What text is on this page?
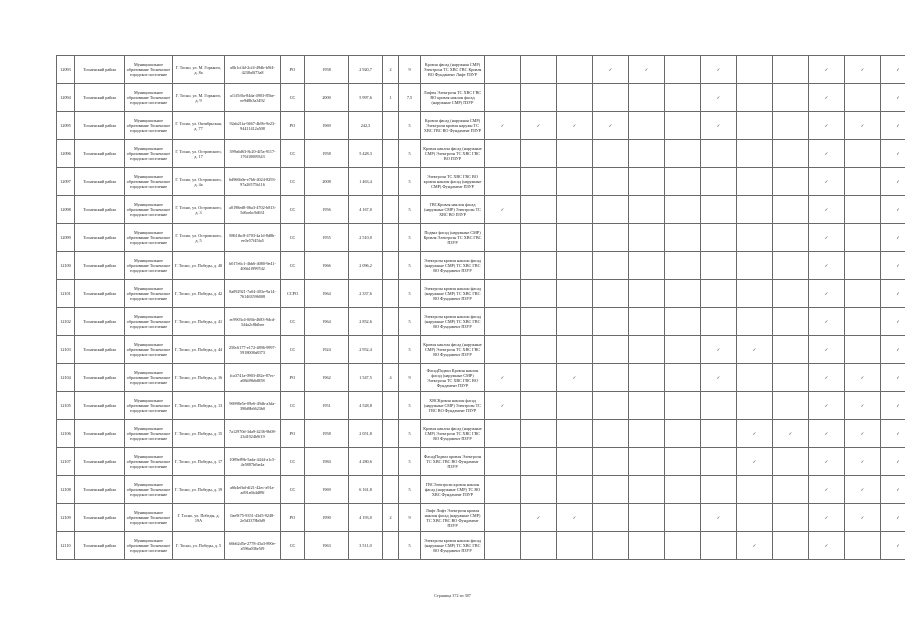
12093	Тосненский район	Муниципальное образование Тосненское городское поселение	Г. Тосно, ул. М. Горького, д. 8а	a0b1cf4d-2cf4-49db-b9f4-4238a0f73a8	РО	1958	2 920,7	2	9	Кровля фасад (наружная СМР) Электрооа ТС ХВС ГВС Кровля ВО Фундамент Лифт ПЗУР				✓	✓		✓			✓	✓	✓
12094	Тосненский район	Муниципальное образование Тосненское городское поселение	Г. Тосно, ул. М. Горького, д. 9	a11f5f0a-84da-4903-85be-ee9d8b3a3492	СС	2000	5 997,6	1	7,5	Лифты Электроэн ТС ХВС ГВС ВО кровля наклон фасад (наружные СМР) ПЗУР							✓			✓		✓
12095	Тосненский район	Муниципальное образование Тосненское городское поселение	Г. Тосно, ул. Октябрьская, д. 77	92ab21fa-9467-4b9b-9e23-94411412a508	РО	1969	242,3		5	Кровля фасад (наружная СМР) Электроэн кровля наружн ТС ХВС ГВС ВО Фундамент ПЗУР	✓	✓	✓	✓			✓			✓	✓	✓
12096	Тосненский район	Муниципальное образование Тосненское городское поселение	Г. Тосно, ул. Островского, д. 17	399a6d63-8c20-4f5a-9117-176f10009343	СС	1958	5 428,3		5	Кровля наклон фасад (наружные СМР) Электроэн ТС ХВС ГВС ВО ПЗУР										✓		✓
12097	Тосненский район	Муниципальное образование Тосненское городское поселение	Г. Тосно, ул. Островского, д. 4а	6d966b0e-e7b6-4024-8293-97a26575b116	СС	2008	1 463,4		5	Электроэн ТС ХВС ГВС ВО кровля наклон фасад (наружные СМР) Фундамент ПЗУР										✓		✓
12098	Тосненский район	Муниципальное образование Тосненское городское поселение	Г. Тосно, ул. Островского, д. 3	a0198ed8-06a3-4702-b813-5d6cebc9d631	СС	1956	4 167,0		5	ГВСКровля наклон фасад (наружные СМР) Электроэн ТС ХВС ВО ПЗУР	✓									✓		✓
12099	Тосненский район	Муниципальное образование Тосненское городское поселение	Г. Тосно, ул. Островского, д. 5	8861fbc8-4703-4a1d-8d8b-ee3e57f45fa5	СС	1955	2 510,0		5	Подвал фасад (наружные СМР) Кровля Электроэн ТС ХВС ГВС ПЗУР										✓		✓
12100	Тосненский район	Муниципальное образование Тосненское городское поселение	Г. Тосно, ул. Победы, д. 40	b017e6c1-4bb6-4080-9e41-406b1f9997d2	СС	1966	2 096,2		5	Электроэн кровля наклон фасад (наружные СМР) ТС ХВС ГВС ВО Фундамент ПЗУР										✓		✓
12101	Тосненский район	Муниципальное образование Тосненское городское поселение	Г. Тосно, ул. Победы, д. 42	8a092921-7a04-403e-9a14-761463596008	ССРО	1964	2 337,6		5	Электроэн кровля наклон фасад (наружные СМР) ТС ХВС ГВС ВО Фундамент ПЗУР										✓		✓
12102	Тосненский район	Муниципальное образование Тосненское городское поселение	Г. Тосно, ул. Победы, д. 41	ec9903c4-0f6b-4683-9dcd-344a2c8bfbee	СС	1964	2 852,6		5	Электроэн кровля наклон фасад (наружные СМР) ТС ХВС ГВС ВО Фундамент ПЗУР										✓		✓
12103	Тосненский район	Муниципальное образование Тосненское городское поселение	Г. Тосно, ул. Победы, д. 44	250c6177-e172-4896-9997-5918008a8373	СС	1924	2 952,4		5	Кровля наклон фасад (наружные СМР) Электроэн ТС ХВС ГВС ВО Фундамент ПЗУР							✓	✓		✓		✓
12104	Тосненский район	Муниципальное образование Тосненское городское поселение	Г. Тосно, ул. Победы, д. 16	fca3741a-0903-482e-87ec-a08df9b6d858	РО	1962	1 547,5	4	9	ФасадПодвал Кровля наклон фасад (наружные СМР) Электроэн ТС ХВС ГВС ВО Фундамент ПЗУР	✓		✓				✓			✓	✓	✓
12105	Тосненский район	Муниципальное образование Тосненское городское поселение	Г. Тосно, ул. Победы, д. 13	96998e5e-09e6-49db-a3da-390d8b6623b0	СС	1951	4 528,8		5	ХВСКровля наклон фасад (наружные СМР) Электроэн ТС ГВС ВО Фундамент ПЗУР	✓									✓	✓	✓
12106	Тосненский район	Муниципальное образование Тосненское городское поселение	Г. Тосно, ул. Победы, д. 15	7a12970d-3da9-4236-9b08-23d1924b9f19	РО	1958	2 051,8		5	Кровля наклон фасад (наружные СМР) Электроэн ТС ХВС ГВС ВО Фундамент ПЗУР								✓	✓	✓	✓	✓
12107	Тосненский район	Муниципальное образование Тосненское городское поселение	Г. Тосно, ул. Победы, д. 17	1089e89b-5ada-4444-a1c5-4e5887bfbe4a	СС	1984	4 280,6		5	ФасадПодвал кровля Электроэн ТС ХВС ГВС ВО Фундамент ПЗУР								✓		✓	✓	✓
12108	Тосненский район	Муниципальное образование Тосненское городское поселение	Г. Тосно, ул. Победы, д. 19	a6b4efbd-df21-42ec-a91a-ad91a6b4d89f	СС	1969	6 161,8		5	ГВСЭлектроэн кровля наклон фасад (наружные СМР) ТС ВО ХВС Фундамент ПЗУР										✓	✓	✓
12109	Тосненский район	Муниципальное образование Тосненское городское поселение	Г. Тосно, ул. Победы, д. 19А	0ae9f75-9351-43d5-9248-2e5d3378b0d9	РО	1990	4 193,0	2	9	Лифт Лифт Электроэн кровля наклон фасад (наружные СМР) ТС ХВС ГВС ВО Фундамент ПЗУР		✓	✓				✓			✓	✓	✓
12110	Тосненский район	Муниципальное образование Тосненское городское поселение	Г. Тосно, ул. Победы, д. 5	66b62d5e-2778-43a3-890e-a596a036e5f9	СС	1963	3 511,0		5	Электроэн кровля наклон фасад (наружные СМР) ТС ХВС ГВС ВО Фундамент ПЗУР								✓		✓		✓
Страница 372 из 387
